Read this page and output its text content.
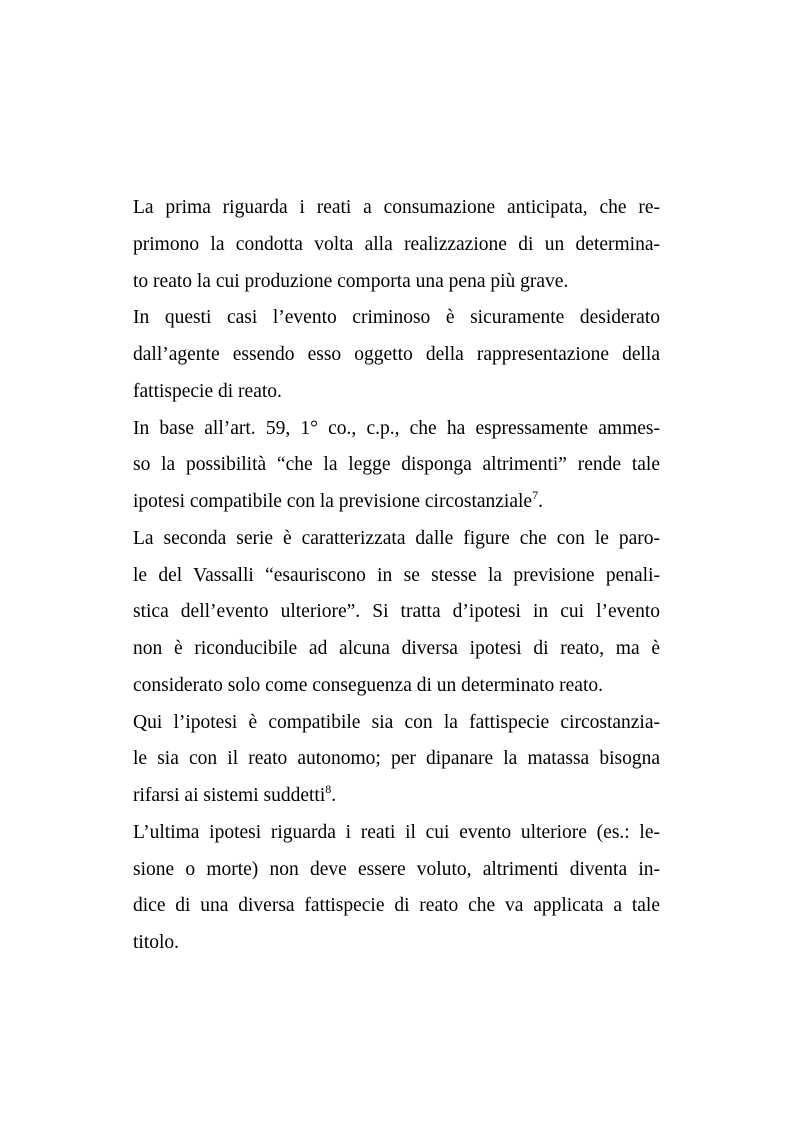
La prima riguarda i reati a consumazione anticipata, che re-
primono la condotta volta alla realizzazione di un determina-
to reato la cui produzione comporta una pena più grave.
In questi casi l’evento criminoso è sicuramente desiderato
dall’agente essendo esso oggetto della rappresentazione della
fattispecie di reato.
In base all’art. 59, 1° co., c.p., che ha espressamente ammes-
so la possibilità “che la legge disponga altrimenti” rende tale
ipotesi compatibile con la previsione circostanziale$^7$.
La seconda serie è caratterizzata dalle figure che con le paro-
le del Vassalli “esauriscono in se stesse la previsione penali-
stica dell’evento ulteriore”. Si tratta d’ipotesi in cui l’evento
non è riconducibile ad alcuna diversa ipotesi di reato, ma è
considerato solo come conseguenza di un determinato reato.
Qui l’ipotesi è compatibile sia con la fattispecie circostanzia-
le sia con il reato autonomo; per dipanare la matassa bisogna
rifarsi ai sistemi suddetti$^8$.
L’ultima ipotesi riguarda i reati il cui evento ulteriore (es.: le-
sione o morte) non deve essere voluto, altrimenti diventa in-
dice di una diversa fattispecie di reato che va applicata a tale
titolo.
